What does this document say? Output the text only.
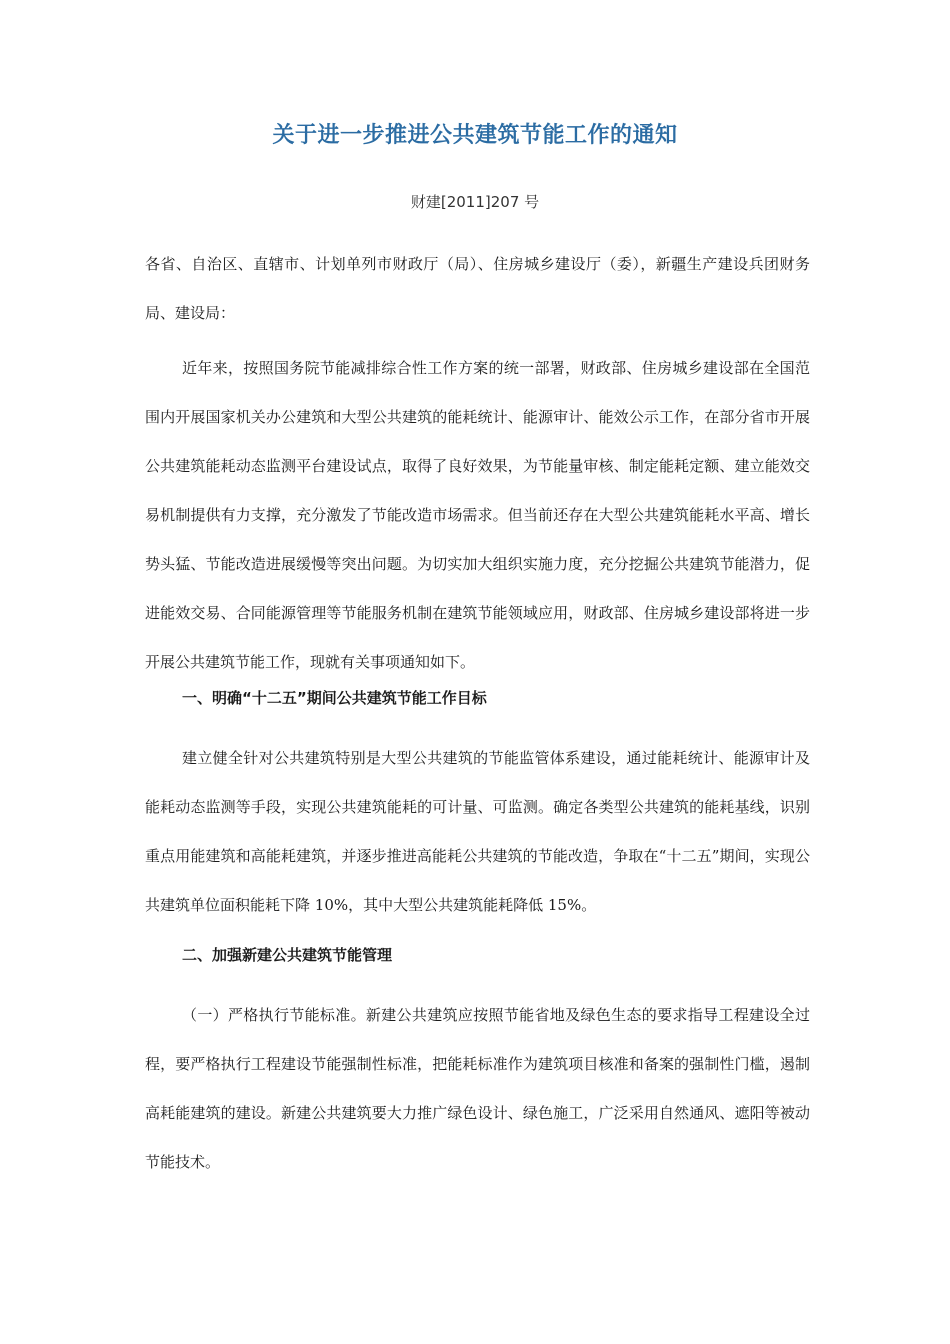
关于进一步推进公共建筑节能工作的通知
财建[2011]207 号

各省、自治区、直辖市、计划单列市财政厅（局）、住房城乡建设厅（委），新疆生产建设兵团财务局、建设局：

近年来，按照国务院节能减排综合性工作方案的统一部署，财政部、住房城乡建设部在全国范围内开展国家机关办公建筑和大型公共建筑的能耗统计、能源审计、能效公示工作，在部分省市开展公共建筑能耗动态监测平台建设试点，取得了良好效果，为节能量审核、制定能耗定额、建立能效交易机制提供有力支撑，充分激发了节能改造市场需求。但当前还存在大型公共建筑能耗水平高、增长势头猛、节能改造进展缓慢等突出问题。为切实加大组织实施力度，充分挖掘公共建筑节能潜力，促进能效交易、合同能源管理等节能服务机制在建筑节能领域应用，财政部、住房城乡建设部将进一步开展公共建筑节能工作，现就有关事项通知如下。

一、明确“十二五”期间公共建筑节能工作目标

建立健全针对公共建筑特别是大型公共建筑的节能监管体系建设，通过能耗统计、能源审计及能耗动态监测等手段，实现公共建筑能耗的可计量、可监测。确定各类型公共建筑的能耗基线，识别重点用能建筑和高能耗建筑，并逐步推进高能耗公共建筑的节能改造，争取在“十二五”期间，实现公共建筑单位面积能耗下降 10%，其中大型公共建筑能耗降低 15%。

二、加强新建公共建筑节能管理

（一）严格执行节能标准。新建公共建筑应按照节能省地及绿色生态的要求指导工程建设全过程，要严格执行工程建设节能强制性标准，把能耗标准作为建筑项目核准和备案的强制性门槛，遏制高耗能建筑的建设。新建公共建筑要大力推广绿色设计、绿色施工，广泛采用自然通风、遮阳等被动节能技术。
